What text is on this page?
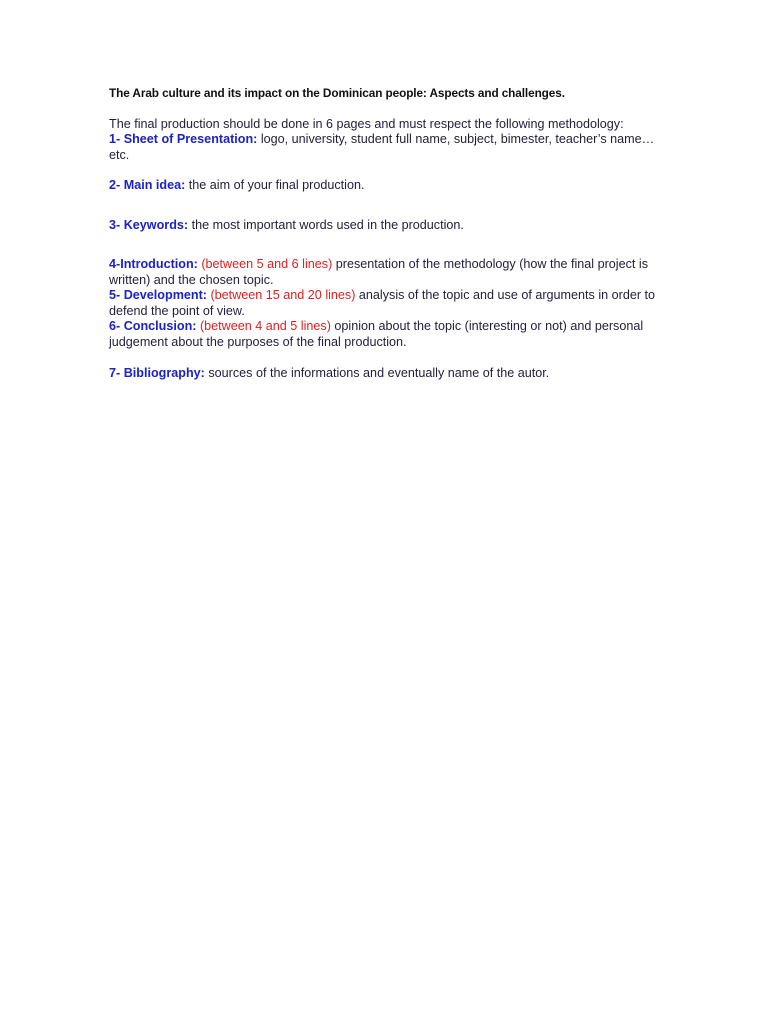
The Arab culture and its impact on the Dominican people: Aspects and challenges.
The final production should be done in 6 pages and must respect the following methodology:
1- Sheet of Presentation: logo, university, student full name, subject, bimester, teacher’s name…etc.
2- Main idea: the aim of your final production.
3- Keywords: the most important words used in the production.
4-Introduction: (between 5 and 6 lines) presentation of the methodology (how the final project is written) and the chosen topic.
5- Development: (between 15 and 20 lines) analysis of the topic and use of arguments in order to defend the point of view.
6- Conclusion: (between 4 and 5 lines) opinion about the topic (interesting or not) and personal judgement about the purposes of the final production.
7- Bibliography: sources of the informations and eventually name of the autor.
